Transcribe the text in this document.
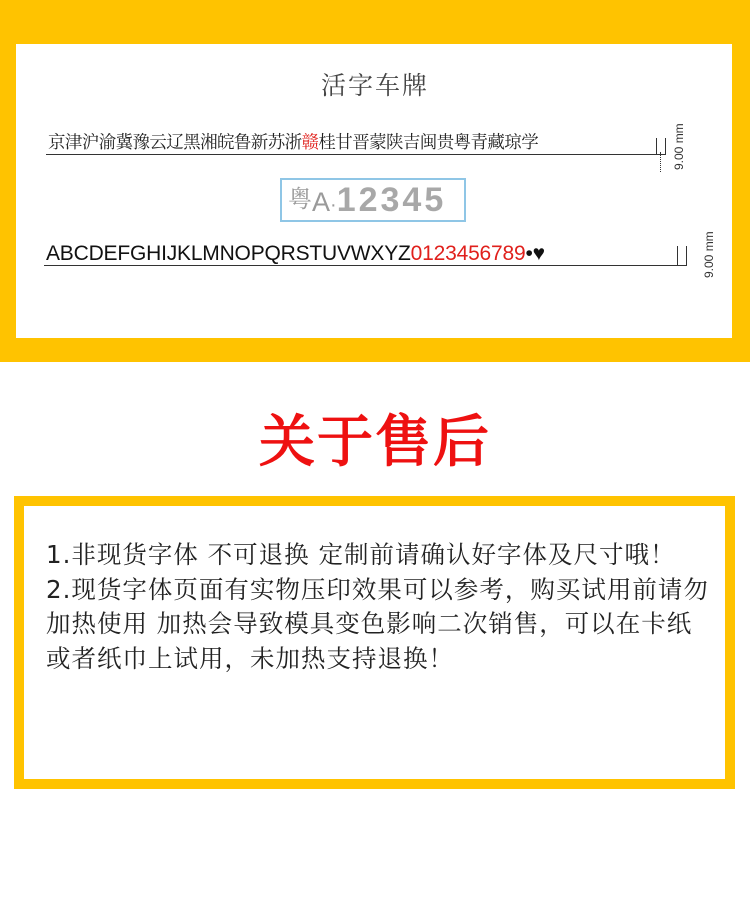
活字车牌
京津沪渝冀豫云辽黑湘皖鲁新苏浙赣桂甘晋蒙陕吉闽贵粤青藏琼学	9.00 mm
粤A·12345
ABCDEFGHIJKLMNOPQRSTUVWXYZ0123456789•♥	9.00 mm
关于售后

1.非现货字体 不可退换 定制前请确认好字体及尺寸哦！

2.现货字体页面有实物压印效果可以参考，购买试用前请勿加热使用 加热会导致模具变色影响二次销售，可以在卡纸或者纸巾上试用，未加热支持退换！
